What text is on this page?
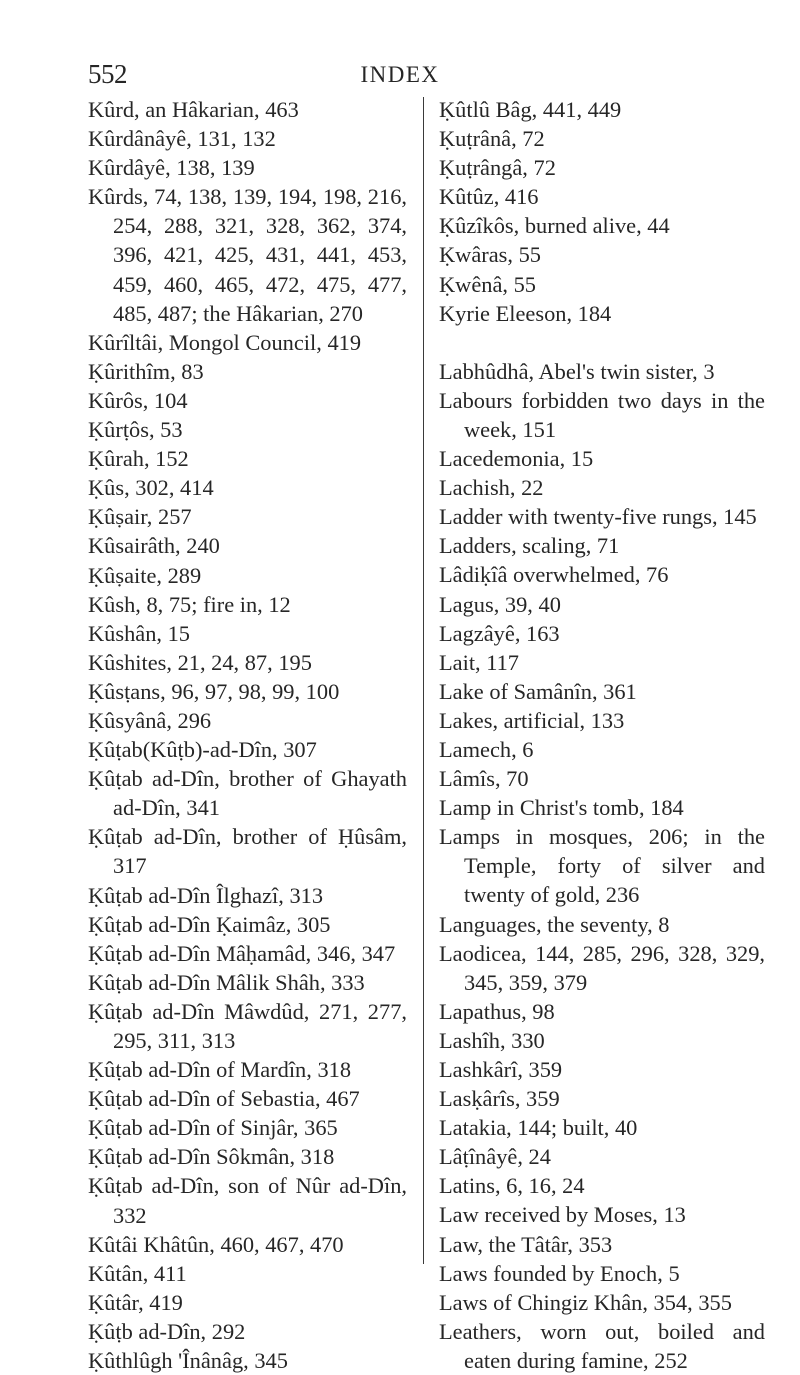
552	INDEX

Kûrd, an Hâkarian, 463

Kûrdânâyê, 131, 132

Kûrdâyê, 138, 139

Kûrds, 74, 138, 139, 194, 198, 216, 254, 288, 321, 328, 362, 374, 396, 421, 425, 431, 441, 453, 459, 460, 465, 472, 475, 477, 485, 487; the Hâkarian, 270

Kûrîltâi, Mongol Council, 419

Ḳûrithîm, 83

Kûrôs, 104

Ḳûrṭôs, 53

Ḳûrah, 152

Ḳûs, 302, 414

Ḳûṣair, 257

Kûsairâth, 240

Ḳûṣaite, 289

Kûsh, 8, 75; fire in, 12

Kûshân, 15

Kûshites, 21, 24, 87, 195

Ḳûsṭans, 96, 97, 98, 99, 100

Ḳûsyânâ, 296

Ḳûṭab(Kûṭb)-ad-Dîn, 307

Ḳûṭab ad-Dîn, brother of Ghayath ad-Dîn, 341

Ḳûṭab ad-Dîn, brother of Ḥûsâm, 317

Ḳûṭab ad-Dîn Îlghazî, 313

Ḳûṭab ad-Dîn Ḳaimâz, 305

Ḳûṭab ad-Dîn Mâḥamâd, 346, 347

Kûṭab ad-Dîn Mâlik Shâh, 333

Ḳûṭab ad-Dîn Mâwdûd, 271, 277, 295, 311, 313

Ḳûṭab ad-Dîn of Mardîn, 318

Ḳûṭab ad-Dîn of Sebastia, 467

Ḳûṭab ad-Dîn of Sinjâr, 365

Ḳûṭab ad-Dîn Sôkmân, 318

Ḳûṭab ad-Dîn, son of Nûr ad-Dîn, 332

Kûtâi Khâtûn, 460, 467, 470

Kûtân, 411

Ḳûtâr, 419

Ḳûṭb ad-Dîn, 292

Ḳûthlûgh 'Înânâg, 345

Ḳûtlû Bâg, 441, 449

Ḳuṭrânâ, 72

Ḳuṭrângâ, 72

Kûtûz, 416

Ḳûzîkôs, burned alive, 44

Ḳwâras, 55

Ḳwênâ, 55

Kyrie Eleeson, 184

Labhûdhâ, Abel's twin sister, 3

Labours forbidden two days in the week, 151

Lacedemonia, 15

Lachish, 22

Ladder with twenty-five rungs, 145

Ladders, scaling, 71

Lâdiḳîâ overwhelmed, 76

Lagus, 39, 40

Lagzâyê, 163

Lait, 117

Lake of Samânîn, 361

Lakes, artificial, 133

Lamech, 6

Lâmîs, 70

Lamp in Christ's tomb, 184

Lamps in mosques, 206; in the Temple, forty of silver and twenty of gold, 236

Languages, the seventy, 8

Laodicea, 144, 285, 296, 328, 329, 345, 359, 379

Lapathus, 98

Lashîh, 330

Lashkârî, 359

Lasḳârîs, 359

Latakia, 144; built, 40

Lâṭînâyê, 24

Latins, 6, 16, 24

Law received by Moses, 13

Law, the Tâtâr, 353

Laws founded by Enoch, 5

Laws of Chingiz Khân, 354, 355

Leathers, worn out, boiled and eaten during famine, 252
